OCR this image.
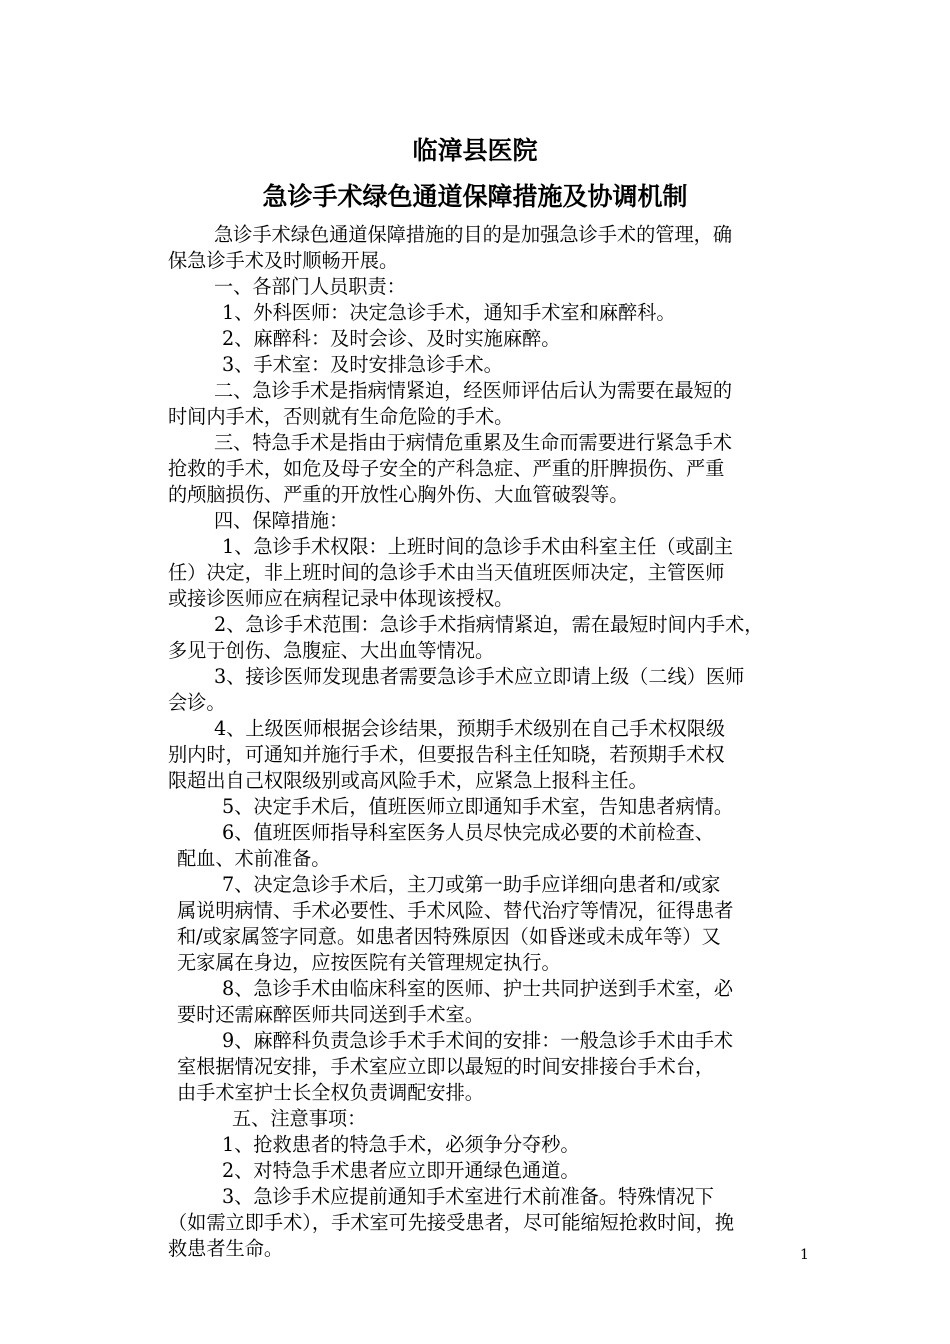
临漳县医院
急诊手术绿色通道保障措施及协调机制
急诊手术绿色通道保障措施的目的是加强急诊手术的管理，确
保急诊手术及时顺畅开展。
一、各部门人员职责：
1、外科医师：决定急诊手术，通知手术室和麻醉科。
2、麻醉科：及时会诊、及时实施麻醉。
3、手术室：及时安排急诊手术。
二、急诊手术是指病情紧迫，经医师评估后认为需要在最短的
时间内手术，否则就有生命危险的手术。
三、特急手术是指由于病情危重累及生命而需要进行紧急手术
抢救的手术，如危及母子安全的产科急症、严重的肝脾损伤、严重
的颅脑损伤、严重的开放性心胸外伤、大血管破裂等。
四、保障措施：
1、急诊手术权限：上班时间的急诊手术由科室主任（或副主
任）决定，非上班时间的急诊手术由当天值班医师决定，主管医师
或接诊医师应在病程记录中体现该授权。
2、急诊手术范围：急诊手术指病情紧迫，需在最短时间内手术，
多见于创伤、急腹症、大出血等情况。
3、接诊医师发现患者需要急诊手术应立即请上级（二线）医师
会诊。
4、上级医师根据会诊结果，预期手术级别在自己手术权限级
别内时，可通知并施行手术，但要报告科主任知晓，若预期手术权
限超出自己权限级别或高风险手术，应紧急上报科主任。
5、决定手术后，值班医师立即通知手术室，告知患者病情。
6、值班医师指导科室医务人员尽快完成必要的术前检查、
配血、术前准备。
7、决定急诊手术后，主刀或第一助手应详细向患者和/或家
属说明病情、手术必要性、手术风险、替代治疗等情况，征得患者
和/或家属签字同意。如患者因特殊原因（如昏迷或未成年等）又
无家属在身边，应按医院有关管理规定执行。
8、急诊手术由临床科室的医师、护士共同护送到手术室，必
要时还需麻醉医师共同送到手术室。
9、麻醉科负责急诊手术手术间的安排：一般急诊手术由手术
室根据情况安排，手术室应立即以最短的时间安排接台手术台，
由手术室护士长全权负责调配安排。
五、注意事项：
1、抢救患者的特急手术，必须争分夺秒。
2、对特急手术患者应立即开通绿色通道。
3、急诊手术应提前通知手术室进行术前准备。特殊情况下
（如需立即手术），手术室可先接受患者，尽可能缩短抢救时间，挽
救患者生命。	1
